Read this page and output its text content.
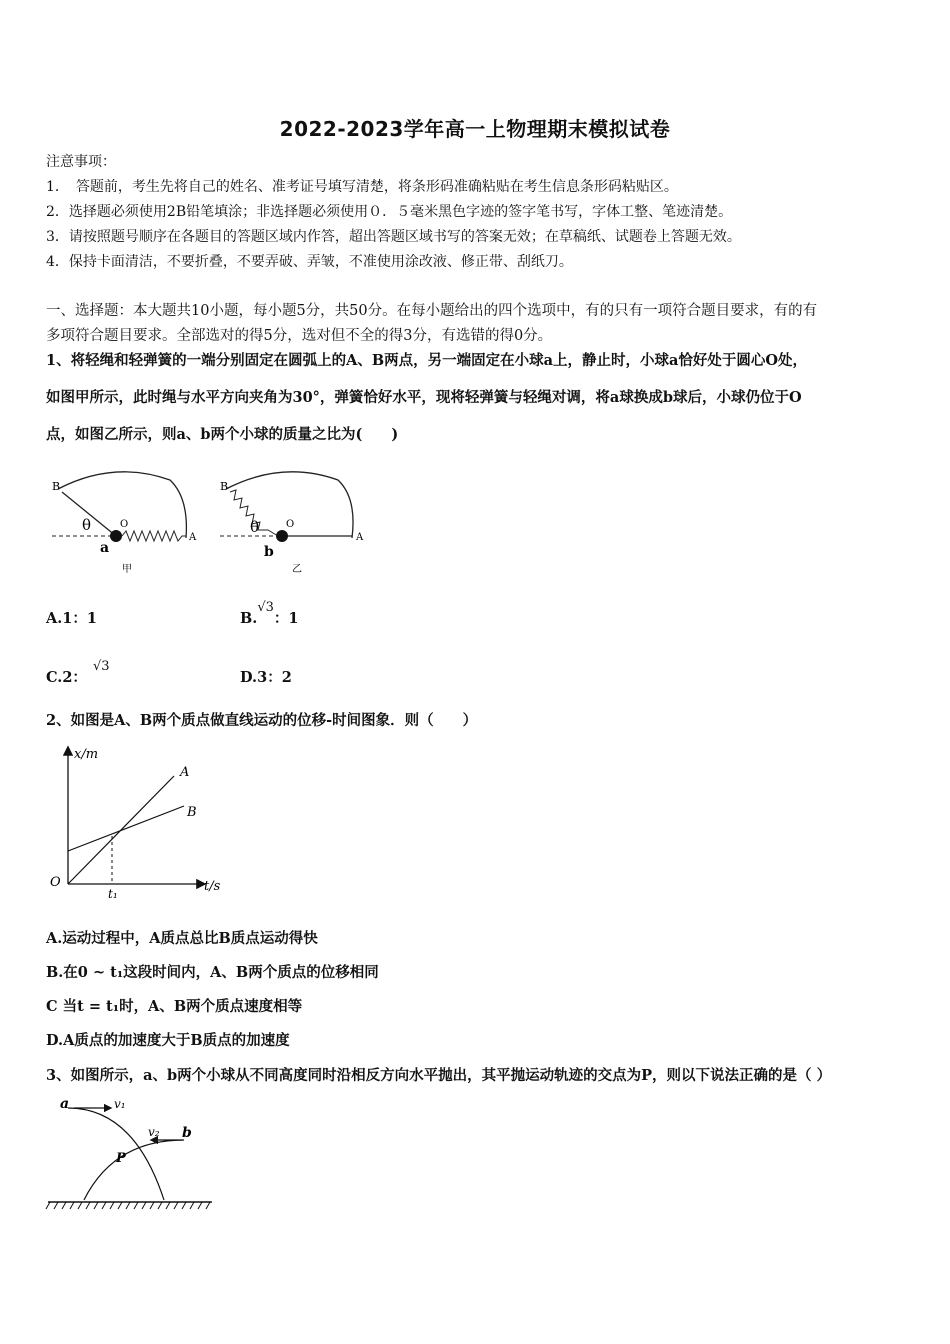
2022-2023学年高一上物理期末模拟试卷
注意事项：
1．　答题前，考生先将自己的姓名、准考证号填写清楚，将条形码准确粘贴在考生信息条形码粘贴区。
2．选择题必须使用2B铅笔填涂；非选择题必须使用０．５毫米黑色字迹的签字笔书写，字体工整、笔迹清楚。
3．请按照题号顺序在各题目的答题区域内作答，超出答题区域书写的答案无效；在草稿纸、试题卷上答题无效。
4．保持卡面清洁，不要折叠，不要弄破、弄皱，不准使用涂改液、修正带、刮纸刀。
一、选择题：本大题共10小题，每小题5分，共50分。在每小题给出的四个选项中，有的只有一项符合题目要求，有的有
多项符合题目要求。全部选对的得5分，选对但不全的得3分，有选错的得0分。
1、将轻绳和轻弹簧的一端分别固定在圆弧上的A、B两点，另一端固定在小球a上，静止时，小球a恰好处于圆心O处，
如图甲所示，此时绳与水平方向夹角为30°，弹簧恰好水平，现将轻弹簧与轻绳对调，将a球换成b球后，小球仍位于O
点，如图乙所示，则a、b两个小球的质量之比为(　　)
B
θ	O
A
a
甲
B
θ	O
A
b
乙
A.1：1	B.√3：1
C.2：√3
D.3：2
2、如图是A、B两个质点做直线运动的位移-时间图象．则（　　）
x/m
t/s
O
A
B
t₁
A.运动过程中，A质点总比B质点运动得快
B.在0 ~ t₁这段时间内，A、B两个质点的位移相同
C 当t = t₁时，A、B两个质点速度相等
D.A质点的加速度大于B质点的加速度
3、如图所示，a、b两个小球从不同高度同时沿相反方向水平抛出，其平抛运动轨迹的交点为P，则以下说法正确的是（ ）
a	v₁
b
v₂
P
